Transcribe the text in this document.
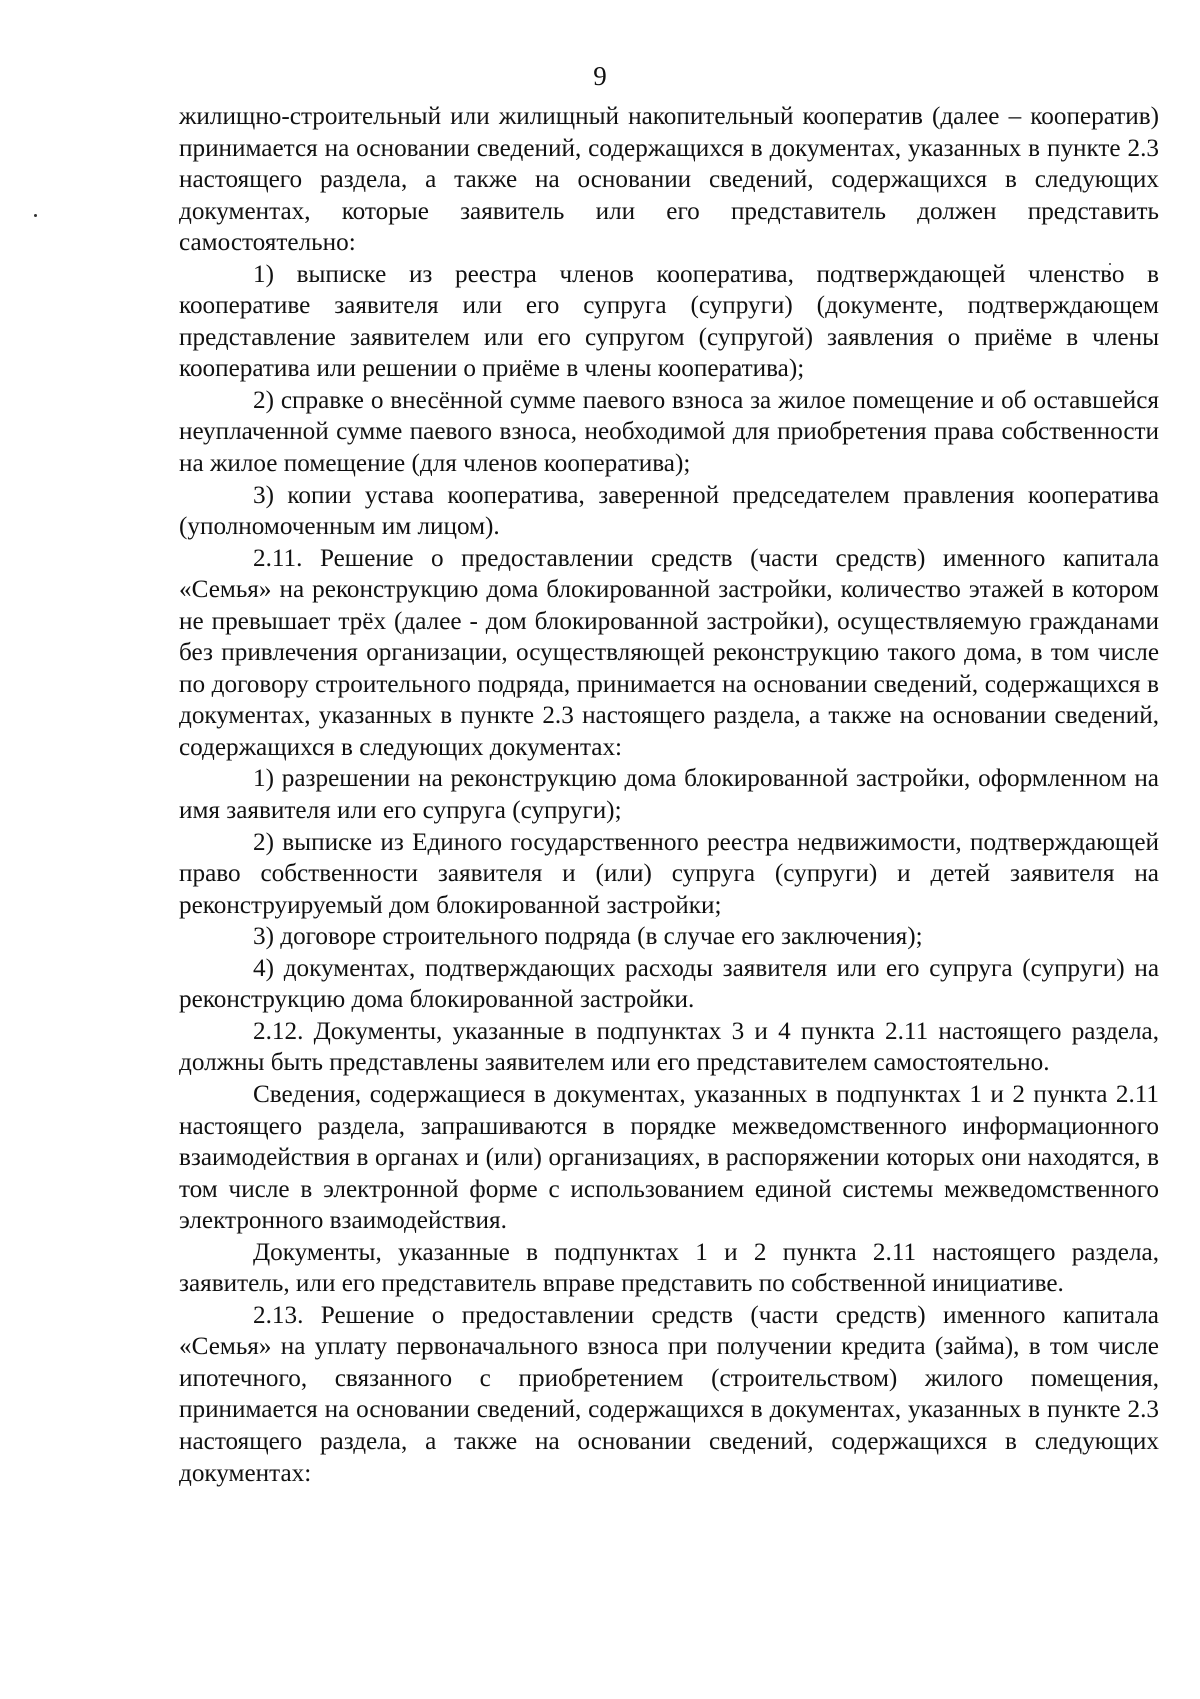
9

жилищно-строительный или жилищный накопительный кооператив (далее – кооператив) принимается на основании сведений, содержащихся в документах, указанных в пункте 2.3 настоящего раздела, а также на основании сведений, содержащихся в следующих документах, которые заявитель или его представитель должен представить самостоятельно:

1) выписке из реестра членов кооператива, подтверждающей членство в кооперативе заявителя или его супруга (супруги) (документе, подтверждающем представление заявителем или его супругом (супругой) заявления о приёме в члены кооператива или решении о приёме в члены кооператива);

2) справке о внесённой сумме паевого взноса за жилое помещение и об оставшейся неуплаченной сумме паевого взноса, необходимой для приобретения права собственности на жилое помещение (для членов кооператива);

3) копии устава кооператива, заверенной председателем правления кооператива (уполномоченным им лицом).

2.11. Решение о предоставлении средств (части средств) именного капитала «Семья» на реконструкцию дома блокированной застройки, количество этажей в котором не превышает трёх (далее - дом блокированной застройки), осуществляемую гражданами без привлечения организации, осуществляющей реконструкцию такого дома, в том числе по договору строительного подряда, принимается на основании сведений, содержащихся в документах, указанных в пункте 2.3 настоящего раздела, а также на основании сведений, содержащихся в следующих документах:

1) разрешении на реконструкцию дома блокированной застройки, оформленном на имя заявителя или его супруга (супруги);

2) выписке из Единого государственного реестра недвижимости, подтверждающей право собственности заявителя и (или) супруга (супруги) и детей заявителя на реконструируемый дом блокированной застройки;

3) договоре строительного подряда (в случае его заключения);

4) документах, подтверждающих расходы заявителя или его супруга (супруги) на реконструкцию дома блокированной застройки.

2.12. Документы, указанные в подпунктах 3 и 4 пункта 2.11 настоящего раздела, должны быть представлены заявителем или его представителем самостоятельно.

Сведения, содержащиеся в документах, указанных в подпунктах 1 и 2 пункта 2.11 настоящего раздела, запрашиваются в порядке межведомственного информационного взаимодействия в органах и (или) организациях, в распоряжении которых они находятся, в том числе в электронной форме с использованием единой системы межведомственного электронного взаимодействия.

Документы, указанные в подпунктах 1 и 2 пункта 2.11 настоящего раздела, заявитель, или его представитель вправе представить по собственной инициативе.

2.13. Решение о предоставлении средств (части средств) именного капитала «Семья» на уплату первоначального взноса при получении кредита (займа), в том числе ипотечного, связанного с приобретением (строительством) жилого помещения, принимается на основании сведений, содержащихся в документах, указанных в пункте 2.3 настоящего раздела, а также на основании сведений, содержащихся в следующих документах:
